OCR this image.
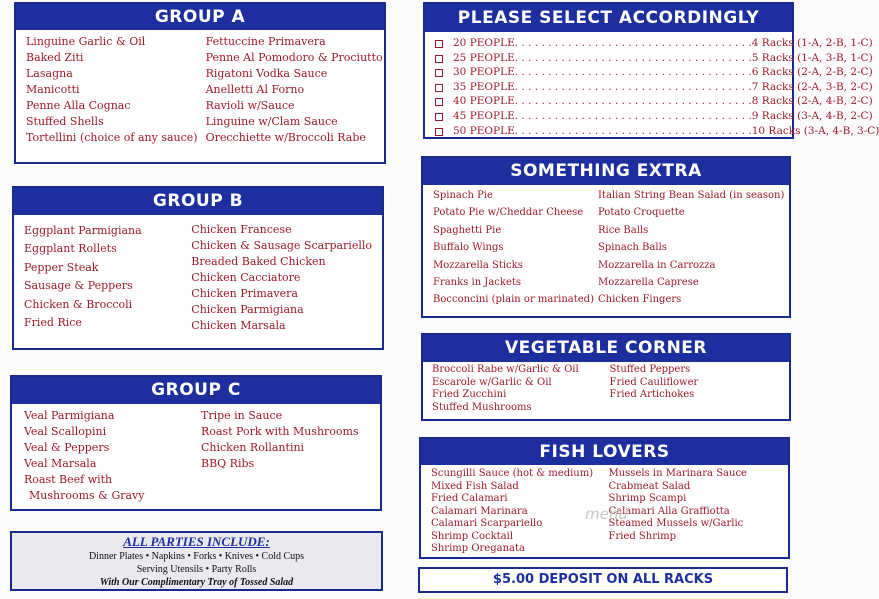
GROUP A
Linguine Garlic & Oil
Baked Ziti
Lasagna
Manicotti
Penne Alla Cognac
Stuffed Shells
Tortellini (choice of any sauce)
Fettuccine Primavera
Penne Al Pomodoro & Prociutto
Rigatoni Vodka Sauce
Anelletti Al Forno
Ravioli w/Sauce
Linguine w/Clam Sauce
Orecchiette w/Broccoli Rabe
GROUP B
Eggplant Parmigiana
Eggplant Rollets
Pepper Steak
Sausage & Peppers
Chicken & Broccoli
Fried Rice
Chicken Francese
Chicken & Sausage Scarpariello
Breaded Baked Chicken
Chicken Cacciatore
Chicken Primavera
Chicken Parmigiana
Chicken Marsala
GROUP C
Veal Parmigiana
Veal Scallopini
Veal & Peppers
Veal Marsala
Roast Beef with
Mushrooms & Gravy
Tripe in Sauce
Roast Pork with Mushrooms
Chicken Rollantini
BBQ Ribs
ALL PARTIES INCLUDE:
Dinner Plates • Napkins • Forks • Knives • Cold Cups
Serving Utensils • Party Rolls
With Our Complimentary Tray of Tossed Salad
PLEASE SELECT ACCORDINGLY
20 PEOPLE . . . . . . . . . . . . . . . . . . . . . . . . . . . . . . . . . . . . 4 Racks (1-A, 2-B, 1-C)
25 PEOPLE . . . . . . . . . . . . . . . . . . . . . . . . . . . . . . . . . . . . 5 Racks (1-A, 3-B, 1-C)
30 PEOPLE . . . . . . . . . . . . . . . . . . . . . . . . . . . . . . . . . . . . 6 Racks (2-A, 2-B, 2-C)
35 PEOPLE . . . . . . . . . . . . . . . . . . . . . . . . . . . . . . . . . . . . 7 Racks (2-A, 3-B, 2-C)
40 PEOPLE . . . . . . . . . . . . . . . . . . . . . . . . . . . . . . . . . . . . 8 Racks (2-A, 4-B, 2-C)
45 PEOPLE . . . . . . . . . . . . . . . . . . . . . . . . . . . . . . . . . . . . 9 Racks (3-A, 4-B, 2-C)
50 PEOPLE . . . . . . . . . . . . . . . . . . . . . . . . . . . . . . . . . . . . 10 Racks (3-A, 4-B, 3-C)
SOMETHING EXTRA
Spinach Pie
Potato Pie w/Cheddar Cheese
Spaghetti Pie
Buffalo Wings
Mozzarella Sticks
Franks in Jackets
Bocconcini (plain or marinated)
Italian String Bean Salad (in season)
Potato Croquette
Rice Balls
Spinach Balls
Mozzarella in Carrozza
Mozzarella Caprese
Chicken Fingers
VEGETABLE CORNER
Broccoli Rabe w/Garlic & Oil
Escarole w/Garlic & Oil
Fried Zucchini
Stuffed Mushrooms
Stuffed Peppers
Fried Cauliflower
Fried Artichokes
FISH LOVERS
Scungilli Sauce (hot & medium)
Mixed Fish Salad
Fried Calamari
Calamari Marinara
Calamari Scarpariello
Shrimp Cocktail
Shrimp Oreganata
Mussels in Marinara Sauce
Crabmeat Salad
Shrimp Scampi
Calamari Alla Graffiotta
Steamed Mussels w/Garlic
Fried Shrimp
$5.00 DEPOSIT ON ALL RACKS
menu
